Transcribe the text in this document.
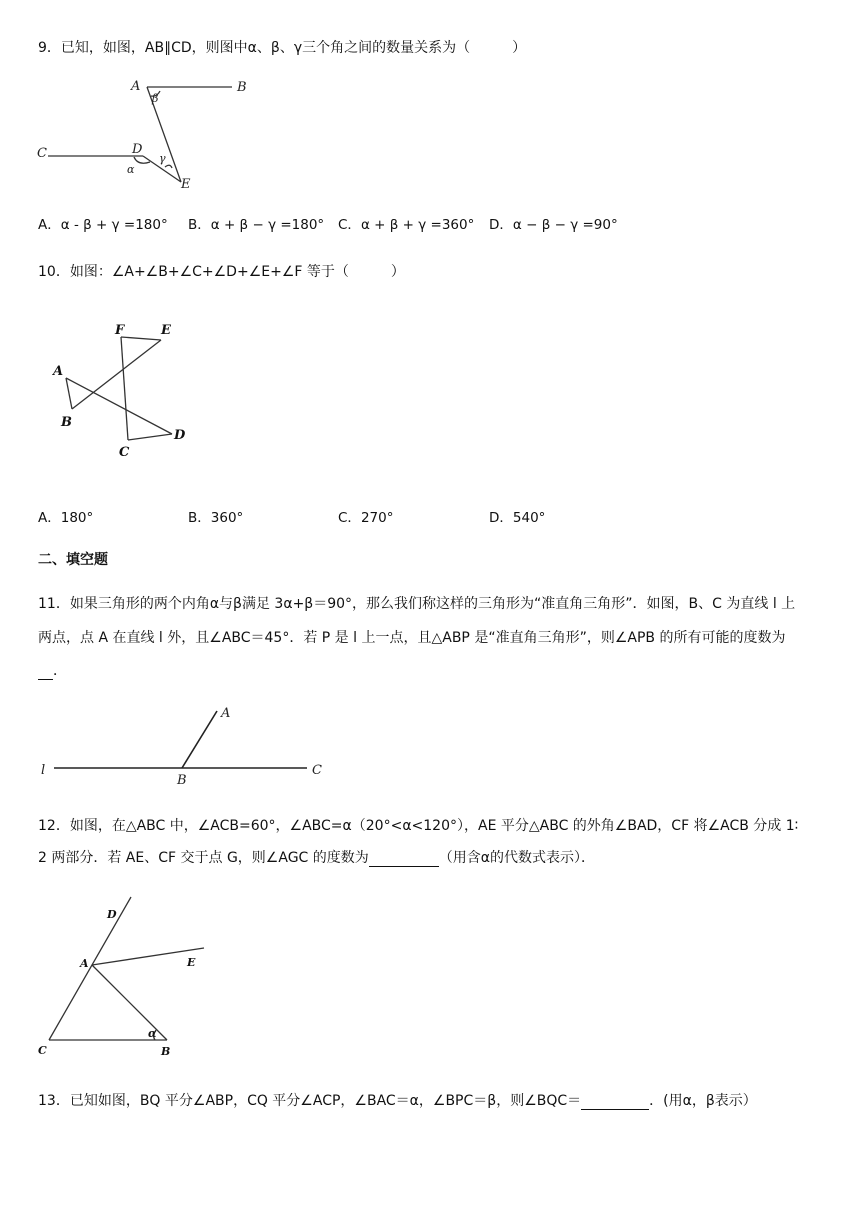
9．已知，如图，AB∥CD，则图中α、β、γ三个角之间的数量关系为（　　　）
A	B
C	D
E
β
γ
α
A．α - β + γ =180° B．α + β − γ =180° C．α + β + γ =360° D．α − β − γ =90°
10．如图：∠A+∠B+∠C+∠D+∠E+∠F 等于（　　　）
F	E
A
B
C
D
A．180°	B．360°	C．270°	D．540°
二、填空题
11．如果三角形的两个内角α与β满足 3α+β＝90°，那么我们称这样的三角形为“准直角三角形”．如图，B、C 为直线 l 上
两点，点 A 在直线 l 外，且∠ABC＝45°．若 P 是 l 上一点，且△ABP 是“准直角三角形”，则∠APB 的所有可能的度数为
．
l
A
B
C
12．如图，在△ABC 中，∠ACB=60°，∠ABC=α（20°<α<120°），AE 平分△ABC 的外角∠BAD，CF 将∠ACB 分成 1∶
2 两部分．若 AE、CF 交于点 G，则∠AGC 的度数为	（用含α的代数式表示）．
D
A	E
C	B
α
13．已知如图，BQ 平分∠ABP，CQ 平分∠ACP，∠BAC＝α，∠BPC＝β，则∠BQC＝	．(用α，β表示）
